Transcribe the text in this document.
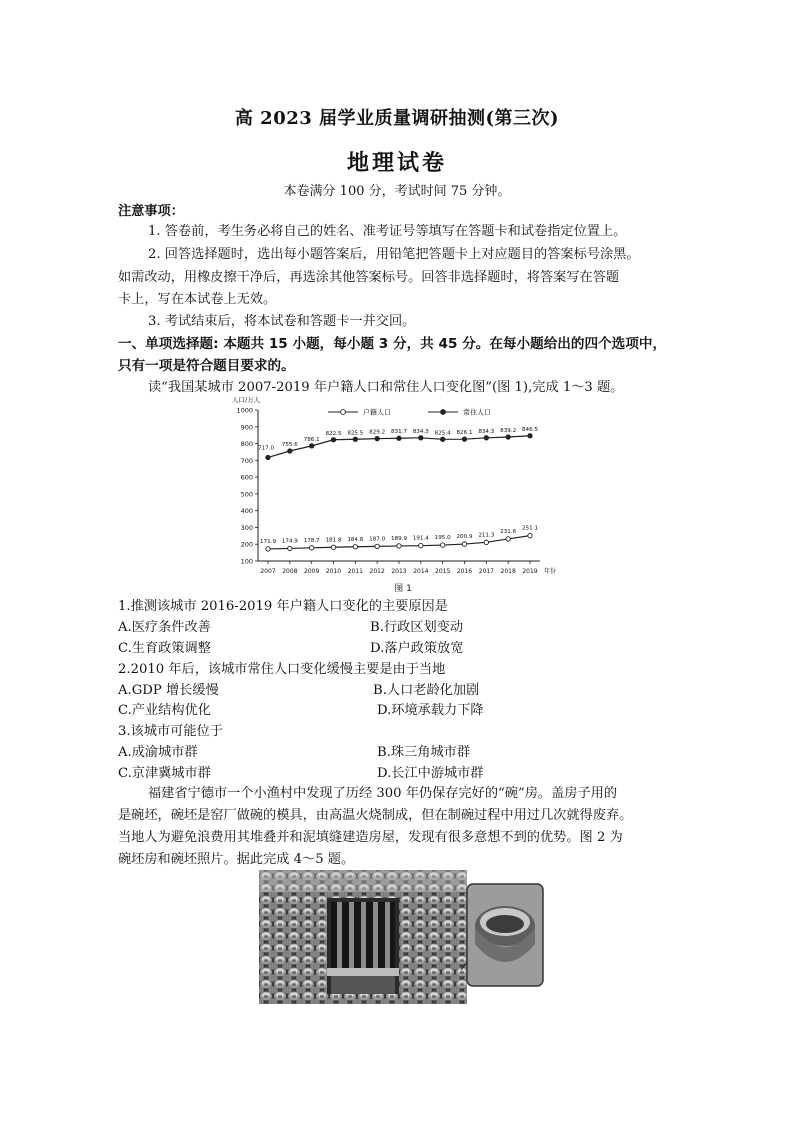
高 2023 届学业质量调研抽测(第三次)
地理试卷
本卷满分 100 分，考试时间 75 分钟。
注意事项：
1. 答卷前，考生务必将自己的姓名、准考证号等填写在答题卡和试卷指定位置上。
2. 回答选择题时，选出每小题答案后，用铅笔把答题卡上对应题目的答案标号涂黑。
如需改动，用橡皮擦干净后，再选涂其他答案标号。回答非选择题时，将答案写在答题
卡上，写在本试卷上无效。
3. 考试结束后，将本试卷和答题卡一并交回。
一、单项选择题: 本题共 15 小题，每小题 3 分，共 45 分。在每小题给出的四个选项中，
只有一项是符合题目要求的。
读“我国某城市 2007-2019 年户籍人口和常住人口变化图”(图 1),完成 1～3 题。
100
200
300
400
500
600
700
800
900
1000
人口/万人
2007 2008 2009 2010 2011 2012 2013 2014 2015 2016 2017 2018 2019 年份
图 1
户籍人口	常住人口
171.9 174.9 178.7 181.8 184.8 187.0 189.9 191.4 195.0 200.9 211.3
231.6
251.1
717.0
755.6
786.1
822.5 825.5 829.2 831.7 834.3 825.4 826.1 834.3 839.2 846.5
1.推测该城市 2016-2019 年户籍人口变化的主要原因是
A.医疗条件改善	B.行政区划变动
C.生育政策调整	D.落户政策放宽
2.2010 年后，该城市常住人口变化缓慢主要是由于当地
A.GDP 增长缓慢	B.人口老龄化加剧
C.产业结构优化	D.环境承载力下降
3.该城市可能位于
A.成渝城市群	B.珠三角城市群
C.京津冀城市群	D.长江中游城市群
福建省宁德市一个小渔村中发现了历经 300 年仍保存完好的“碗”房。盖房子用的
是碗坯，碗坯是窑厂做碗的模具，由高温火烧制成，但在制碗过程中用过几次就得废弃。
当地人为避免浪费用其堆叠并和泥填缝建造房屋，发现有很多意想不到的优势。图 2 为
碗坯房和碗坯照片。据此完成 4～5 题。
